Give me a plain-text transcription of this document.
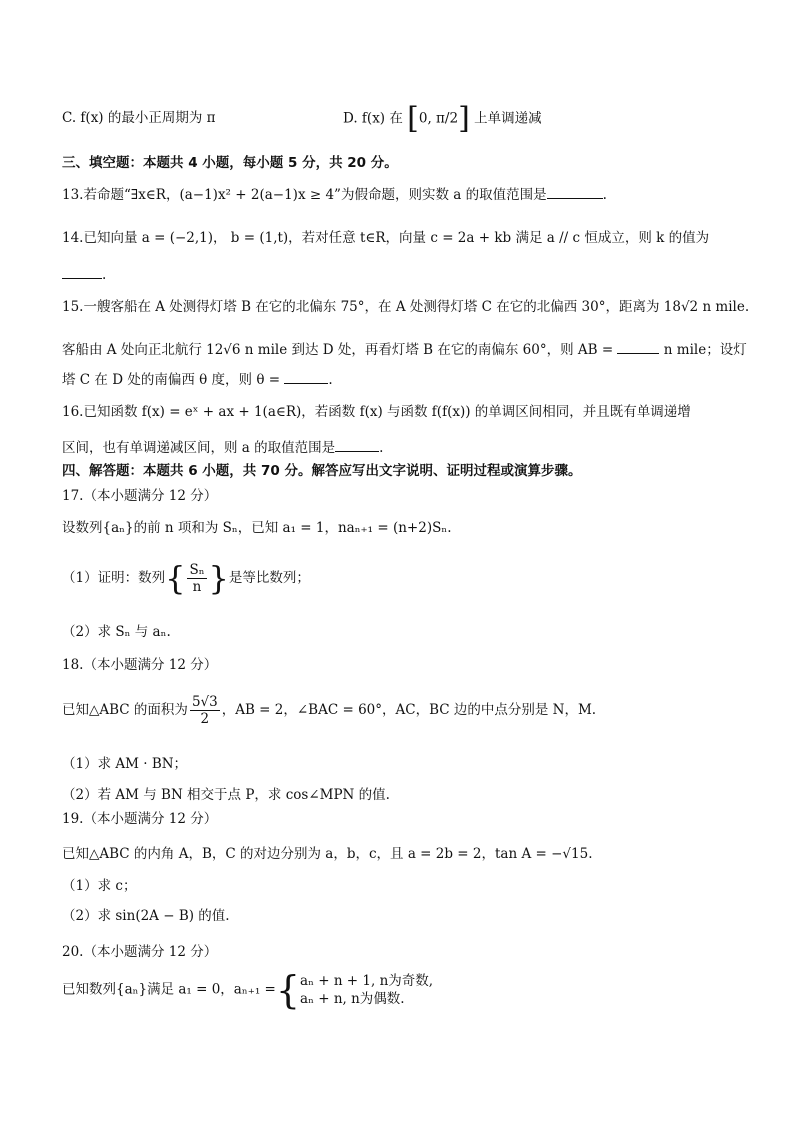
C. f(x) 的最小正周期为 π	D. f(x) 在 [0, π/2] 上单调递减
三、填空题：本题共 4 小题，每小题 5 分，共 20 分。
13.若命题“∃x∈R，(a−1)x² + 2(a−1)x ≥ 4”为假命题，则实数 a 的取值范围是	.
14.已知向量 a = (−2,1)， b = (1,t)，若对任意 t∈R，向量 c = 2a + kb 满足 a // c 恒成立，则 k 的值为
.
15.一艘客船在 A 处测得灯塔 B 在它的北偏东 75°，在 A 处测得灯塔 C 在它的北偏西 30°，距离为 18√2 n mile.
客船由 A 处向正北航行 12√6 n mile 到达 D 处，再看灯塔 B 在它的南偏东 60°，则 AB =	n mile；设灯
塔 C 在 D 处的南偏西 θ 度，则 θ =	.
16.已知函数 f(x) = eˣ + ax + 1(a∈R)，若函数 f(x) 与函数 f(f(x)) 的单调区间相同，并且既有单调递增
区间，也有单调递减区间，则 a 的取值范围是	.
四、解答题：本题共 6 小题，共 70 分。解答应写出文字说明、证明过程或演算步骤。
17.（本小题满分 12 分）
设数列{aₙ}的前 n 项和为 Sₙ，已知 a₁ = 1，naₙ₊₁ = (n+2)Sₙ.
（1）证明：数列{ $\frac{\text{Sₙ}}{n}$ }是等比数列；
（2）求 Sₙ 与 aₙ.
18.（本小题满分 12 分）
已知△ABC 的面积为 $\frac{5√3}{2}$ ，AB = 2，∠BAC = 60°，AC，BC 边的中点分别是 N，M.
（1）求 AM · BN；
（2）若 AM 与 BN 相交于点 P，求 cos∠MPN 的值.
19.（本小题满分 12 分）
已知△ABC 的内角 A，B，C 的对边分别为 a，b，c，且 a = 2b = 2，tan A = −√15.
（1）求 c；
（2）求 sin(2A − B) 的值.
20.（本小题满分 12 分）
已知数列{aₙ}满足 a₁ = 0，aₙ₊₁ ={ aₙ + n + 1, n为奇数,
aₙ + n, n为偶数.
